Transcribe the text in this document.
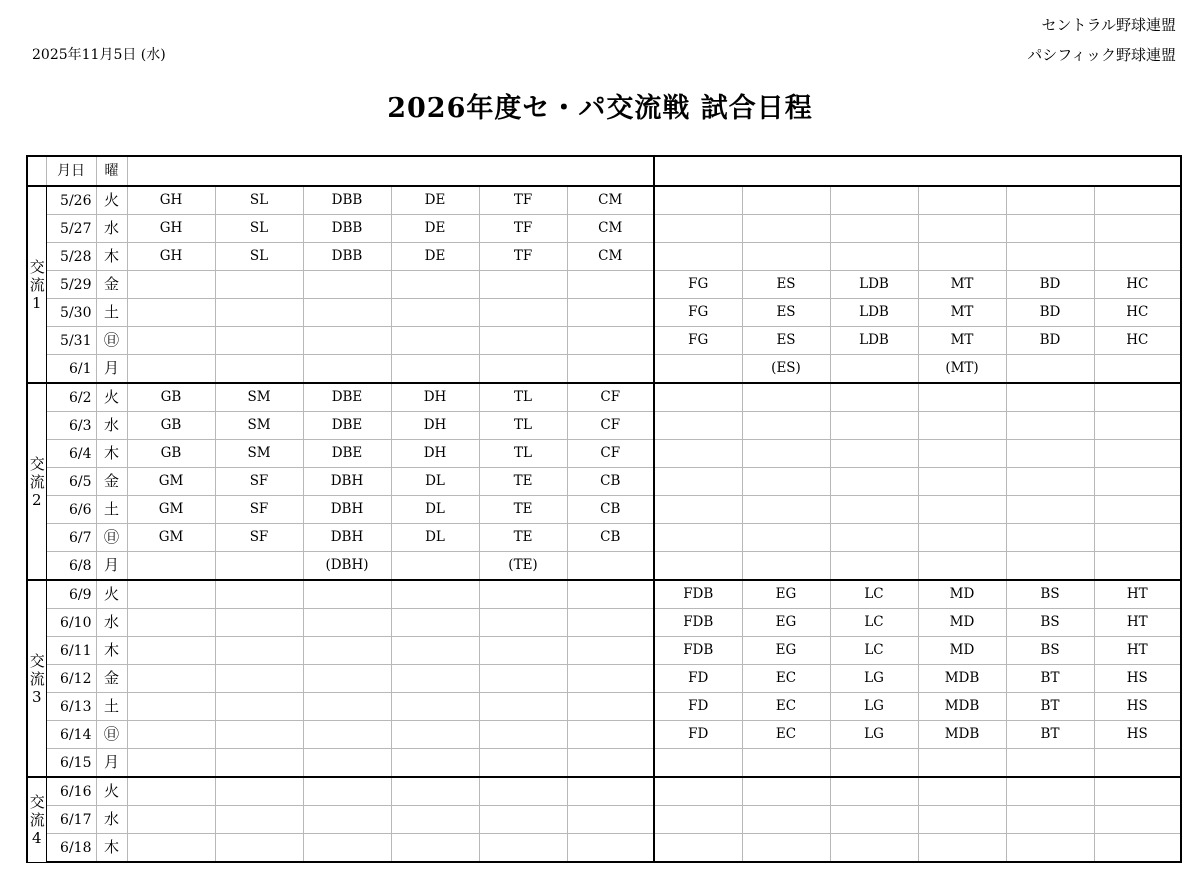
セントラル野球連盟
パシフィック野球連盟
2025年11月5日 (水)
2026年度セ・パ交流戦 試合日程
	月日	曜												

交
流
1	5/26	火	GH	SL	DBB	DE	TF	CM						
	5/27	水	GH	SL	DBB	DE	TF	CM						
	5/28	木	GH	SL	DBB	DE	TF	CM						
	5/29	金							FG	ES	LDB	MT	BD	HC
	5/30	土							FG	ES	LDB	MT	BD	HC
	5/31	㊐							FG	ES	LDB	MT	BD	HC
	6/1	月								(ES)		(MT)		

交
流
2	6/2	火	GB	SM	DBE	DH	TL	CF						
	6/3	水	GB	SM	DBE	DH	TL	CF						
	6/4	木	GB	SM	DBE	DH	TL	CF						
	6/5	金	GM	SF	DBH	DL	TE	CB						
	6/6	土	GM	SF	DBH	DL	TE	CB						
	6/7	㊐	GM	SF	DBH	DL	TE	CB						
	6/8	月			(DBH)		(TE)							

交
流
3	6/9	火							FDB	EG	LC	MD	BS	HT
	6/10	水							FDB	EG	LC	MD	BS	HT
	6/11	木							FDB	EG	LC	MD	BS	HT
	6/12	金							FD	EC	LG	MDB	BT	HS
	6/13	土							FD	EC	LG	MDB	BT	HS
	6/14	㊐							FD	EC	LG	MDB	BT	HS
	6/15	月												

交
流
4	6/16	火												
	6/17	水												
	6/18	木												
